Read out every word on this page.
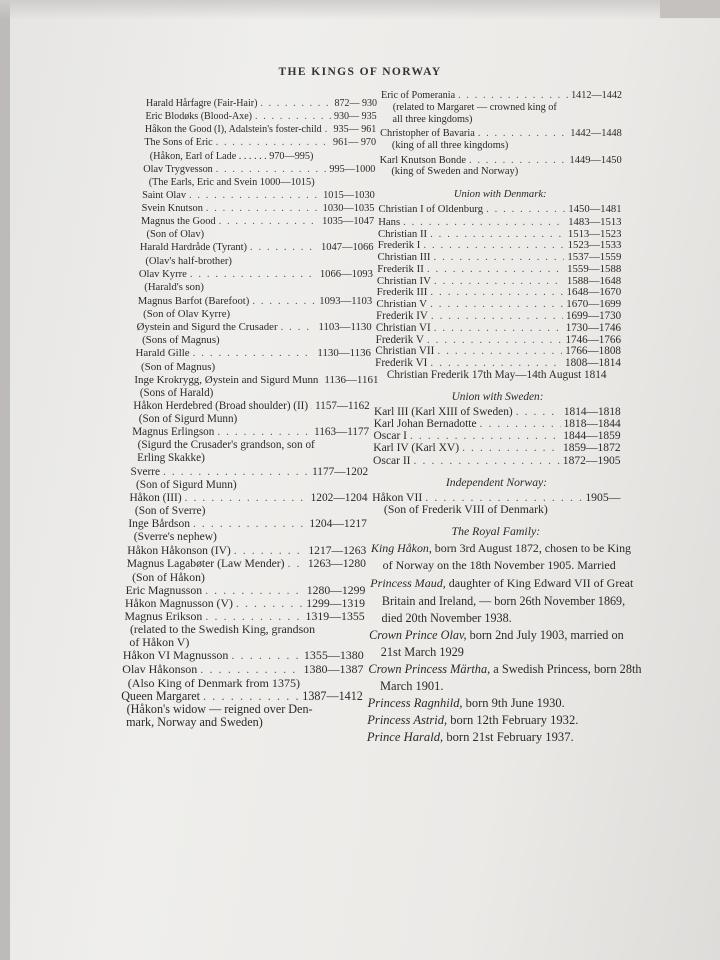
THE KINGS OF NORWAY
Harald Hårfagre (Fair-Hair) . . .	872— 930
Eric Blodøks (Blood-Axe) . . .	930— 935
Håkon the Good (I), Adalstein's foster-child . . . 935— 961
The Sons of Eric . . .	961— 970
(Håkon, Earl of Lade . . . . . . 970—995)
Olav Trygvesson . . .	995—1000
(The Earls, Eric and Svein 1000—1015)
Saint Olav . . .	1015—1030
Svein Knutson . . .	1030—1035
Magnus the Good . . .	1035—1047
(Son of Olav)
Harald Hardråde (Tyrant) . . .	1047—1066
(Olav's half-brother)
Olav Kyrre . . .	1066—1093
(Harald's son)
Magnus Barfot (Barefoot) . . .	1093—1103
(Son of Olav Kyrre)
Øystein and Sigurd the Crusader . . .	1103—1130
(Sons of Magnus)
Harald Gille . . .	1130—1136
(Son of Magnus)
Inge Krokrygg, Øystein and Sigurd Munn 1136—1161
(Sons of Harald)
Håkon Herdebred (Broad shoulder) (II) . . . 1157—1162
(Son of Sigurd Munn)
Magnus Erlingson . . .	1163—1177
(Sigurd the Crusader's grandson, son of
Erling Skakke)
Sverre . . .	1177—1202
(Son of Sigurd Munn)
Håkon (III) . . .	1202—1204
(Son of Sverre)
Inge Bårdson . . .	1204—1217
(Sverre's nephew)
Håkon Håkonson (IV) . . .	1217—1263
Magnus Lagabøter (Law Mender) . . . 1263—1280
(Son of Håkon)
Eric Magnusson . . .	1280—1299
Håkon Magnusson (V) . . .	1299—1319
Magnus Erikson . . .	1319—1355
(related to the Swedish King, grandson
of Håkon V)
Håkon VI Magnusson . . .	1355—1380
Olav Håkonson . . .	1380—1387
(Also King of Denmark from 1375)
Queen Margaret . . .	1387—1412
(Håkon's widow — reigned over Den-
mark, Norway and Sweden)
Eric of Pomerania . . .	1412—1442
(related to Margaret — crowned king of
all three kingdoms)
Christopher of Bavaria . . .	1442—1448
(king of all three kingdoms)
Karl Knutson Bonde . . .	1449—1450
(king of Sweden and Norway)
Union with Denmark:
Christian I of Oldenburg . . .	1450—1481
Hans . . .	1483—1513
Christian II . . .	1513—1523
Frederik I . . .	1523—1533
Christian III . . .	1537—1559
Frederik II . . .	1559—1588
Christian IV . . .	1588—1648
Frederik III . . .	1648—1670
Christian V . . .	1670—1699
Frederik IV . . .	1699—1730
Christian VI . . .	1730—1746
Frederik V . . .	1746—1766
Christian VII . . .	1766—1808
Frederik VI . . .	1808—1814
Christian Frederik 17th May—14th August 1814
Union with Sweden:
Karl III (Karl XIII of Sweden) . . .	1814—1818
Karl Johan Bernadotte . . .	1818—1844
Oscar I . . .	1844—1859
Karl IV (Karl XV) . . .	1859—1872
Oscar II . . .	1872—1905
Independent Norway:
Håkon VII . . .	1905—
(Son of Frederik VIII of Denmark)
The Royal Family:
King Håkon, born 3rd August 1872, chosen to be King
of Norway on the 18th November 1905. Married
Princess Maud, daughter of King Edward VII of Great
Britain and Ireland, — born 26th November 1869,
died 20th November 1938.
Crown Prince Olav, born 2nd July 1903, married on
21st March 1929
Crown Princess Märtha, a Swedish Princess, born 28th
March 1901.
Princess Ragnhild, born 9th June 1930.
Princess Astrid, born 12th February 1932.
Prince Harald, born 21st February 1937.
